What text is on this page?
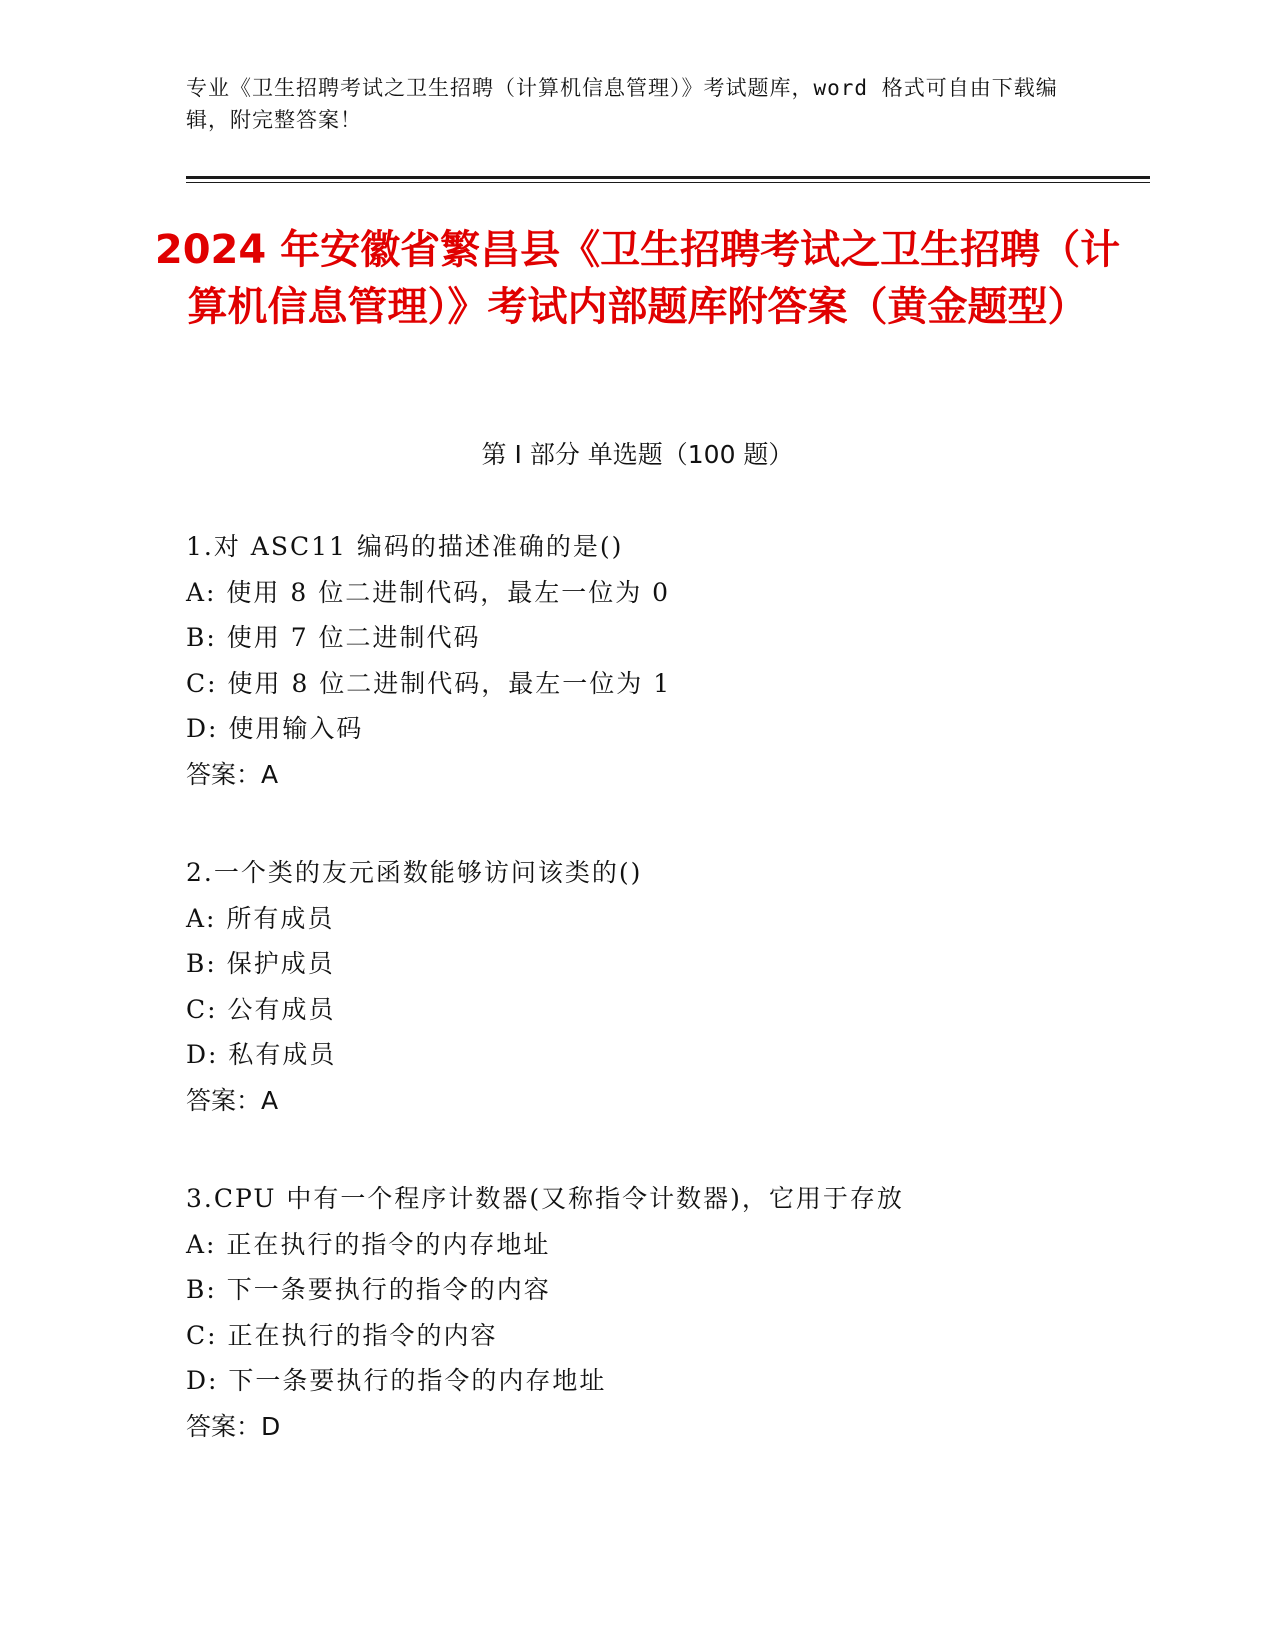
专业《卫生招聘考试之卫生招聘（计算机信息管理）》考试题库，word 格式可自由下载编辑，附完整答案！
2024 年安徽省繁昌县《卫生招聘考试之卫生招聘（计算机信息管理）》考试内部题库附答案（黄金题型）
第 I 部分 单选题（100 题）
1.对 ASC11 编码的描述准确的是()
A: 使用 8 位二进制代码，最左一位为 0
B: 使用 7 位二进制代码
C: 使用 8 位二进制代码，最左一位为 1
D: 使用输入码
答案：A
2.一个类的友元函数能够访问该类的()
A: 所有成员
B: 保护成员
C: 公有成员
D: 私有成员
答案：A
3.CPU 中有一个程序计数器(又称指令计数器)，它用于存放
A: 正在执行的指令的内存地址
B: 下一条要执行的指令的内容
C: 正在执行的指令的内容
D: 下一条要执行的指令的内存地址
答案：D
